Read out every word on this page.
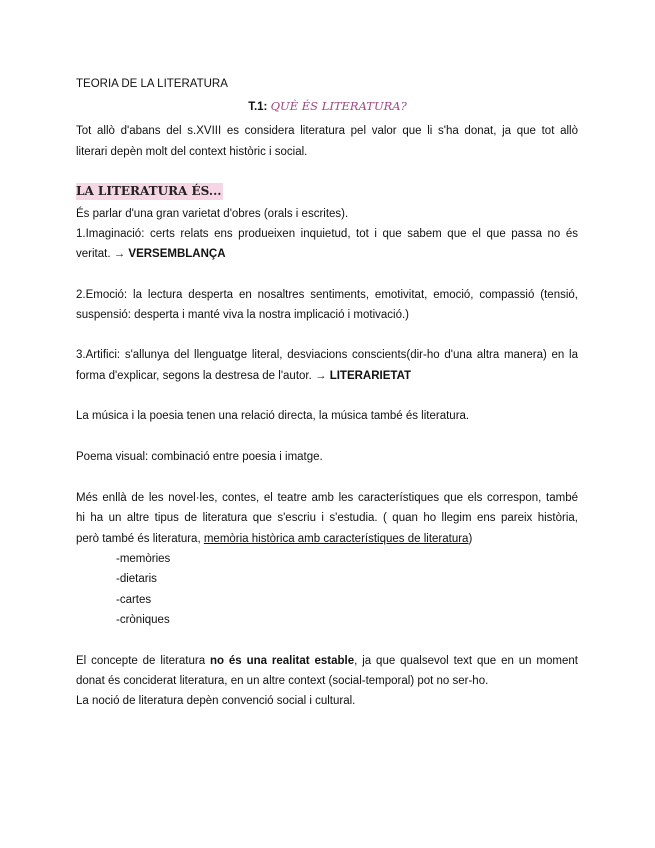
TEORIA DE LA LITERATURA
T.1: QUÈ ÉS LITERATURA?
Tot allò d'abans del s.XVIII es considera literatura pel valor que li s'ha donat, ja que tot allò
literari depèn molt del context històric i social.
LA LITERATURA ÉS...
És parlar d'una gran varietat d'obres (orals i escrites).
1.Imaginació: certs relats ens produeixen inquietud, tot i que sabem que el que passa no és
veritat. → VERSEMBLANÇA
2.Emoció: la lectura desperta en nosaltres sentiments, emotivitat, emoció, compassió (tensió,
suspensió: desperta i manté viva la nostra implicació i motivació.)
3.Artifici: s'allunya del llenguatge literal, desviacions conscients(dir-ho d'una altra manera) en la
forma d'explicar, segons la destresa de l'autor. → LITERARIETAT
La música i la poesia tenen una relació directa, la música també és literatura.
Poema visual: combinació entre poesia i imatge.
Més enllà de les novel·les, contes, el teatre amb les característiques que els correspon, també
hi ha un altre tipus de literatura que s'escriu i s'estudia. ( quan ho llegim ens pareix història,
però també és literatura, memòria històrica amb característiques de literatura)
-memòries
-dietaris
-cartes
-cròniques
El concepte de literatura no és una realitat estable, ja que qualsevol text que en un moment
donat és conciderat literatura, en un altre context (social-temporal) pot no ser-ho.
La noció de literatura depèn convenció social i cultural.
